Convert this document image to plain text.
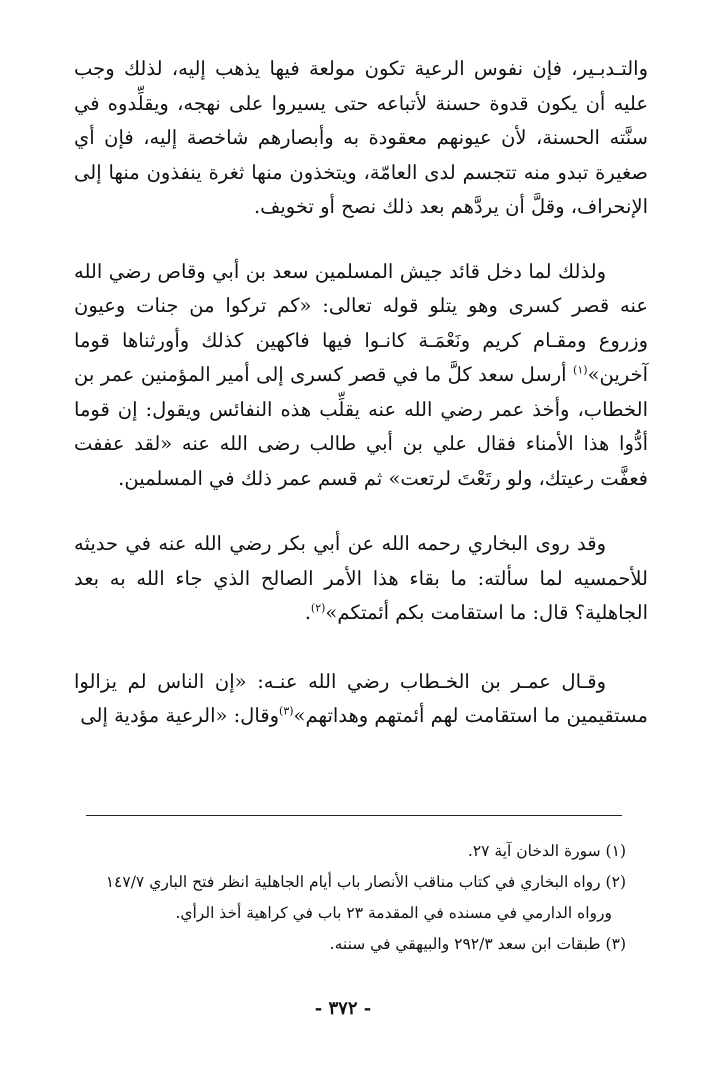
والتـدبـير، فإن نفوس الرعية تكون مولعة فيها يذهب إليه، لذلك وجب عليه أن يكون قدوة حسنة لأتباعه حتى يسيروا على نهجه، ويقلِّدوه في سنَّته الحسنة، لأن عيونهم معقودة به وأبصارهم شاخصة إليه، فإن أي صغيرة تبدو منه تتجسم لدى العامّة، ويتخذون منها ثغرة ينفذون منها إلى الإنحراف، وقلَّ أن يردَّهم بعد ذلك نصح أو تخويف.

ولذلك لما دخل قائد جيش المسلمين سعد بن أبي وقاص رضي الله عنه قصر كسرى وهو يتلو قوله تعالى: «كم تركوا من جنات وعيون وزروع ومقـام كريم ونَعْمَـة كانـوا فيها فاكهين كذلك وأورثناها قوما آخرين»$^{(١)}$ أرسل سعد كلَّ ما في قصر كسرى إلى أمير المؤمنين عمر بن الخطاب، وأخذ عمر رضي الله عنه يقلِّب هذه النفائس ويقول: إن قوما أدُّوا هذا الأمناء فقال علي بن أبي طالب رضى الله عنه «لقد عففت فعفَّت رعيتك، ولو رتَعْتَ لرتعت» ثم قسم عمر ذلك في المسلمين.

وقد روى البخاري رحمه الله عن أبي بكر رضي الله عنه في حديثه للأحمسيه لما سألته: ما بقاء هذا الأمر الصالح الذي جاء الله به بعد الجاهلية؟ قال: ما استقامت بكم أئمتكم»$^{(٢)}$.

وقـال عمـر بن الخـطاب رضي الله عنـه: «إن الناس لم يزالوا مستقيمين ما استقامت لهم أئمتهم وهداتهم»$^{(٣)}$وقال: «الرعية مؤدية إلى

(١) سورة الدخان آية ٢٧.

(٢) رواه البخاري في كتاب مناقب الأنصار باب أيام الجاهلية انظر فتح الباري ١٤٧/٧

ورواه الدارمي في مسنده في المقدمة ٢٣ باب في كراهية أخذ الرأي.

(٣) طبقات ابن سعد ٢٩٢/٣ والبيهقي في سننه.

- ٣٧٢ -
